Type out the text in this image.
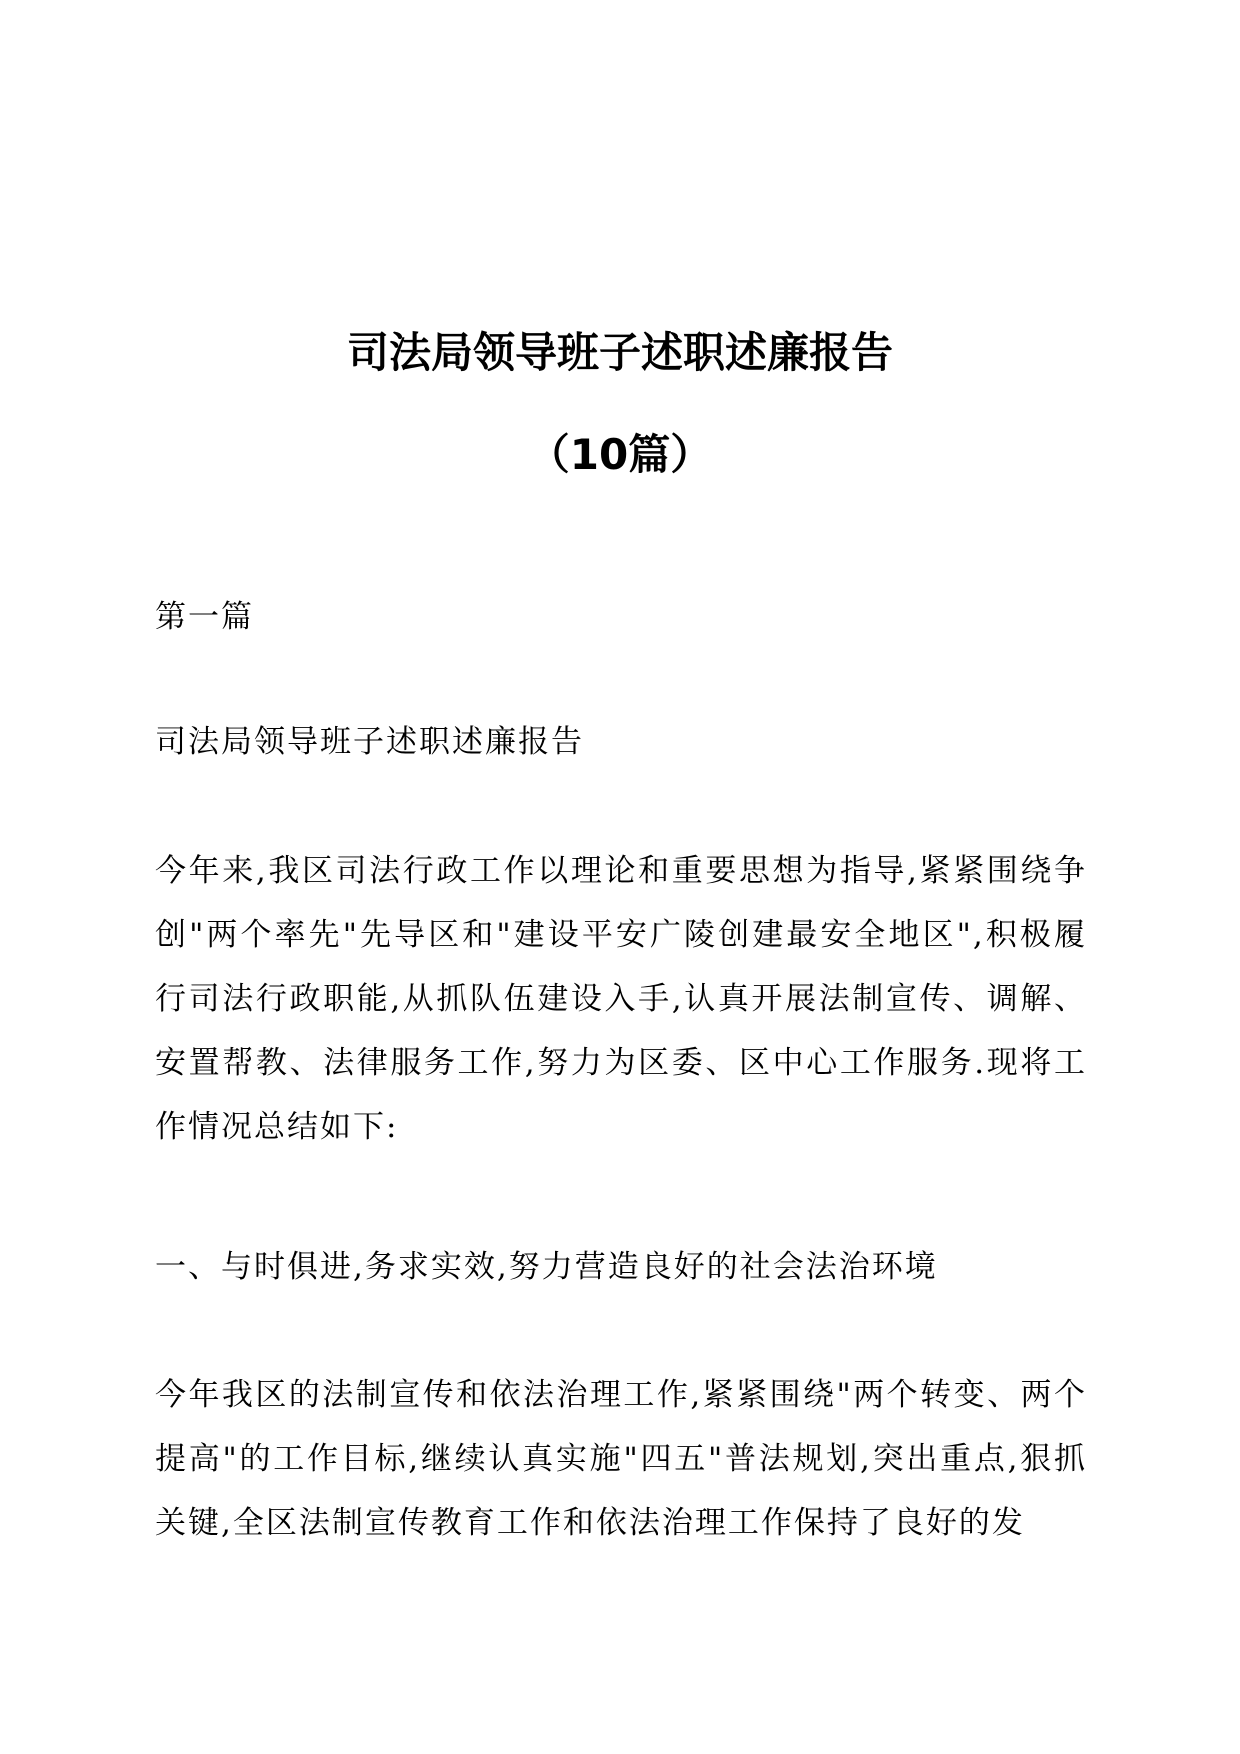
司法局领导班子述职述廉报告
（10篇）

第一篇

司法局领导班子述职述廉报告

今年来,我区司法行政工作以理论和重要思想为指导,紧紧围绕争创"两个率先"先导区和"建设平安广陵创建最安全地区",积极履行司法行政职能,从抓队伍建设入手,认真开展法制宣传、调解、安置帮教、法律服务工作,努力为区委、区中心工作服务.现将工作情况总结如下:

一、与时俱进,务求实效,努力营造良好的社会法治环境

今年我区的法制宣传和依法治理工作,紧紧围绕"两个转变、两个提高"的工作目标,继续认真实施"四五"普法规划,突出重点,狠抓关键,全区法制宣传教育工作和依法治理工作保持了良好的发
